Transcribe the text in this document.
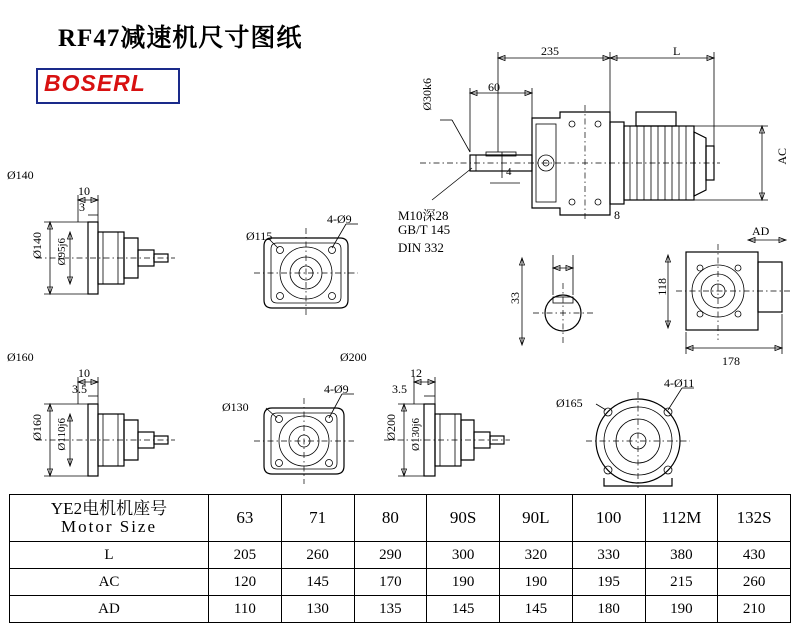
RF47减速机尺寸图纸
BOSERL
235	L
60
Ø30k6
AC
AD
4
M10深28
GB/T 145
DIN 332
8
33
118
178
Ø140
10
3
Ø140 Ø95j6
Ø115
4-Ø9
Ø160
10
3.5
Ø160 Ø110j6
Ø130
4-Ø9
Ø200
12
3.5
Ø200 Ø130j6
Ø165
4-Ø11
YE2电机机座号
Motor Size	63	71	80	90S	90L	100	112M	132S
L	205	260	290	300	320	330	380	430
AC	120	145	170	190	190	195	215	260
AD	110	130	135	145	145	180	190	210
